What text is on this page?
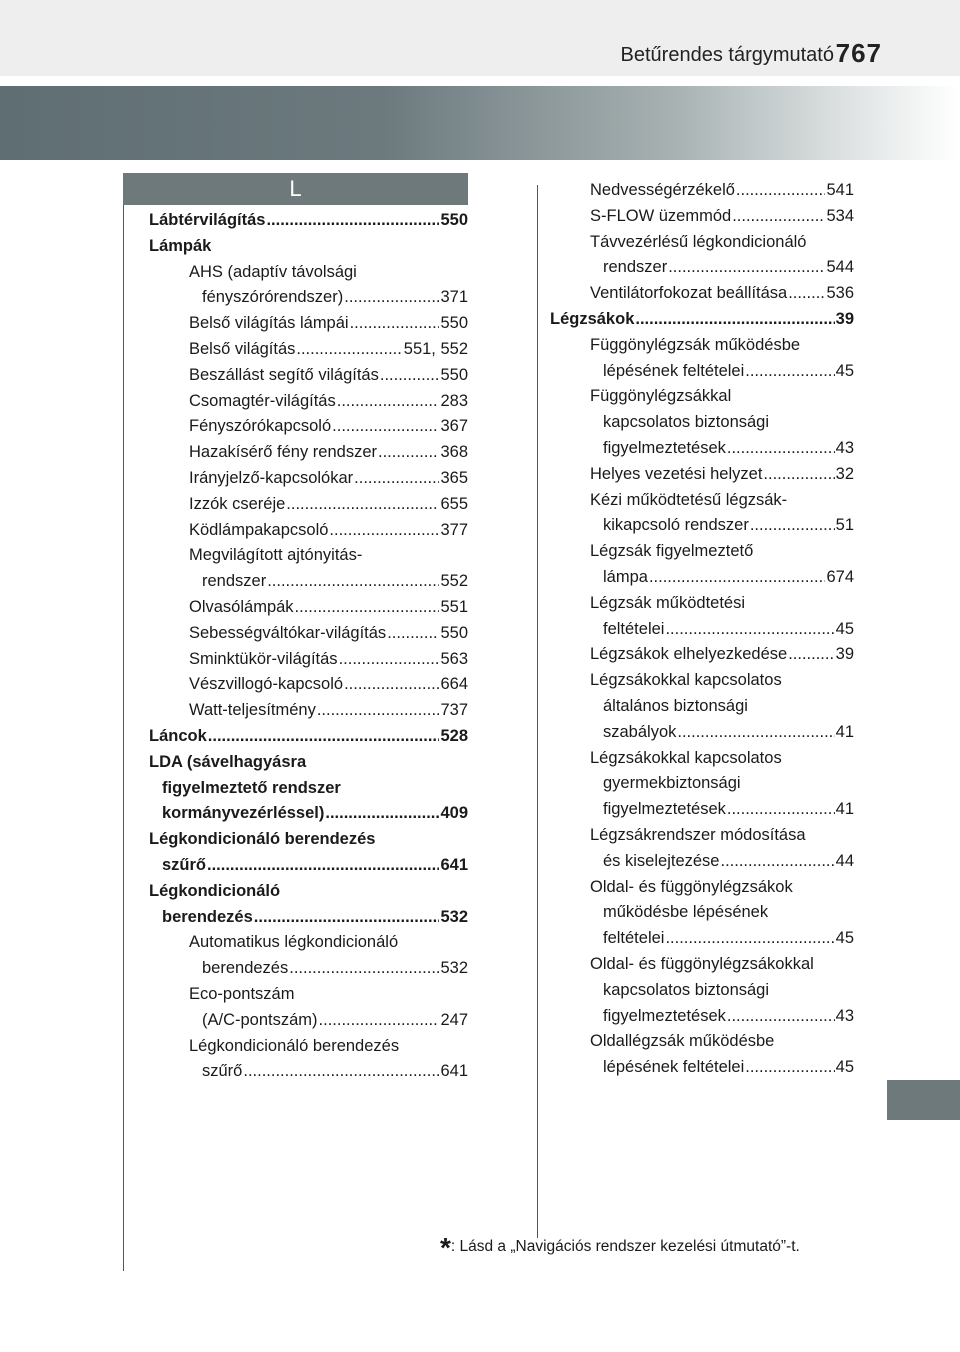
Betűrendes tárgymutató 767
L
Lábtérvilágítás .....	550
Lámpák
AHS (adaptív távolsági
fényszórórendszer) .....	371
Belső világítás lámpái .....	550
Belső világítás .....	551, 552
Beszállást segítő világítás .....	550
Csomagtér-világítás .....	283
Fényszórókapcsoló .....	367
Hazakísérő fény rendszer .....	368
Irányjelző-kapcsolókar .....	365
Izzók cseréje .....	655
Ködlámpakapcsoló .....	377
Megvilágított ajtónyitás-
rendszer .....	552
Olvasólámpák .....	551
Sebességváltókar-világítás .....	550
Sminktükör-világítás .....	563
Vészvillogó-kapcsoló .....	664
Watt-teljesítmény .....	737
Láncok .....	528
LDA (sávelhagyásra
figyelmeztető rendszer
kormányvezérléssel) .....	409
Légkondicionáló berendezés
szűrő .....	641
Légkondicionáló
berendezés .....	532
Automatikus légkondicionáló
berendezés .....	532
Eco-pontszám
(A/C-pontszám) .....	247
Légkondicionáló berendezés
szűrő .....	641
Nedvességérzékelő .....	541
S-FLOW üzemmód .....	534
Távvezérlésű légkondicionáló
rendszer .....	544
Ventilátorfokozat beállítása ..... 536
Légzsákok .....	39
Függönylégzsák működésbe
lépésének feltételei .....	45
Függönylégzsákkal
kapcsolatos biztonsági
figyelmeztetések .....	43
Helyes vezetési helyzet .....	32
Kézi működtetésű légzsák-
kikapcsoló rendszer .....	51
Légzsák figyelmeztető
lámpa .....	674
Légzsák működtetési
feltételei .....	45
Légzsákok elhelyezkedése .....	39
Légzsákokkal kapcsolatos
általános biztonsági
szabályok .....	41
Légzsákokkal kapcsolatos
gyermekbiztonsági
figyelmeztetések .....	41
Légzsákrendszer módosítása
és kiselejtezése .....	44
Oldal- és függönylégzsákok
működésbe lépésének
feltételei .....	45
Oldal- és függönylégzsákokkal
kapcsolatos biztonsági
figyelmeztetések .....	43
Oldallégzsák működésbe
lépésének feltételei .....	45
*: Lásd a „Navigációs rendszer kezelési útmutató”-t.
